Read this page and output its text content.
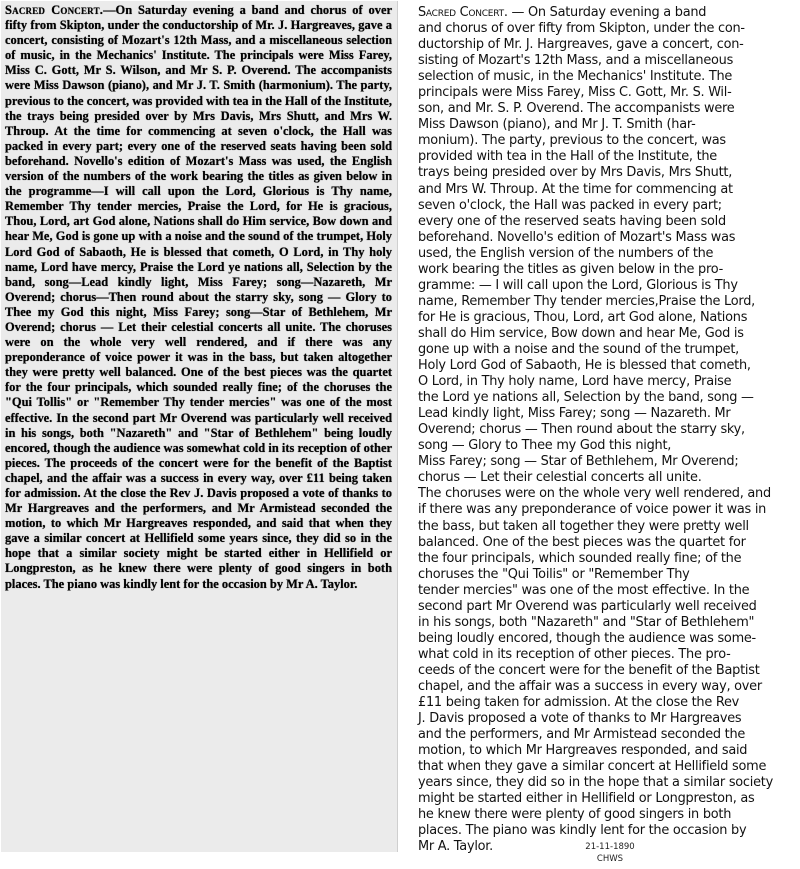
Sacred Concert.—On Saturday evening a band and chorus of over fifty from Skipton, under the conductorship of Mr. J. Hargreaves, gave a concert, consisting of Mozart's 12th Mass, and a miscellaneous selection of music, in the Mechanics' Institute. The principals were Miss Farey, Miss C. Gott, Mr S. Wilson, and Mr S. P. Overend. The accompanists were Miss Dawson (piano), and Mr J. T. Smith (harmonium). The party, previous to the concert, was provided with tea in the Hall of the Institute, the trays being presided over by Mrs Davis, Mrs Shutt, and Mrs W. Throup. At the time for commencing at seven o'clock, the Hall was packed in every part; every one of the reserved seats having been sold beforehand. Novello's edition of Mozart's Mass was used, the English version of the numbers of the work bearing the titles as given below in the programme—I will call upon the Lord, Glorious is Thy name, Remember Thy tender mercies, Praise the Lord, for He is gracious, Thou, Lord, art God alone, Nations shall do Him service, Bow down and hear Me, God is gone up with a noise and the sound of the trumpet, Holy Lord God of Sabaoth, He is blessed that cometh, O Lord, in Thy holy name, Lord have mercy, Praise the Lord ye nations all, Selection by the band, song—Lead kindly light, Miss Farey; song—Nazareth, Mr Overend; chorus—Then round about the starry sky, song — Glory to Thee my God this night, Miss Farey; song—Star of Bethlehem, Mr Overend; chorus — Let their celestial concerts all unite. The choruses were on the whole very well rendered, and if there was any preponderance of voice power it was in the bass, but taken altogether they were pretty well balanced. One of the best pieces was the quartet for the four principals, which sounded really fine; of the choruses the "Qui Tollis" or "Remember Thy tender mercies" was one of the most effective. In the second part Mr Overend was particularly well received in his songs, both "Nazareth" and "Star of Bethlehem" being loudly encored, though the audience was somewhat cold in its reception of other pieces. The proceeds of the concert were for the benefit of the Baptist chapel, and the affair was a success in every way, over £11 being taken for admission. At the close the Rev J. Davis proposed a vote of thanks to Mr Hargreaves and the performers, and Mr Armistead seconded the motion, to which Mr Hargreaves responded, and said that when they gave a similar concert at Hellifield some years since, they did so in the hope that a similar society might be started either in Hellifield or Longpreston, as he knew there were plenty of good singers in both places. The piano was kindly lent for the occasion by Mr A. Taylor.
Sacred Concert. — On Saturday evening a band
and chorus of over fifty from Skipton, under the con-
ductorship of Mr. J. Hargreaves, gave a concert, con-
sisting of Mozart's 12th Mass, and a miscellaneous
selection of music, in the Mechanics' Institute. The
principals were Miss Farey, Miss C. Gott, Mr. S. Wil-
son, and Mr. S. P. Overend. The accompanists were
Miss Dawson (piano), and Mr J. T. Smith (har-
monium). The party, previous to the concert, was
provided with tea in the Hall of the Institute, the
trays being presided over by Mrs Davis, Mrs Shutt,
and Mrs W. Throup. At the time for commencing at
seven o'clock, the Hall was packed in every part;
every one of the reserved seats having been sold
beforehand. Novello's edition of Mozart's Mass was
used, the English version of the numbers of the
work bearing the titles as given below in the pro-
gramme: — I will call upon the Lord, Glorious is Thy
name, Remember Thy tender mercies,Praise the Lord,
for He is gracious, Thou, Lord, art God alone, Nations
shall do Him service, Bow down and hear Me, God is
gone up with a noise and the sound of the trumpet,
Holy Lord God of Sabaoth, He is blessed that cometh,
O Lord, in Thy holy name, Lord have mercy, Praise
the Lord ye nations all, Selection by the band, song —
Lead kindly light, Miss Farey; song — Nazareth. Mr
Overend; chorus — Then round about the starry sky,
song — Glory to Thee my God this night,
Miss Farey; song — Star of Bethlehem, Mr Overend;
chorus — Let their celestial concerts all unite.
The choruses were on the whole very well rendered, and
if there was any preponderance of voice power it was in
the bass, but taken all together they were pretty well
balanced. One of the best pieces was the quartet for
the four principals, which sounded really fine; of the
choruses the "Qui Toilis" or "Remember Thy
tender mercies" was one of the most effective. In the
second part Mr Overend was particularly well received
in his songs, both "Nazareth" and "Star of Bethlehem"
being loudly encored, though the audience was some-
what cold in its reception of other pieces. The pro-
ceeds of the concert were for the benefit of the Baptist
chapel, and the affair was a success in every way, over
£11 being taken for admission. At the close the Rev
J. Davis proposed a vote of thanks to Mr Hargreaves
and the performers, and Mr Armistead seconded the
motion, to which Mr Hargreaves responded, and said
that when they gave a similar concert at Hellifield some
years since, they did so in the hope that a similar society
might be started either in Hellifield or Longpreston, as
he knew there were plenty of good singers in both
places. The piano was kindly lent for the occasion by
Mr A. Taylor.	21-11-1890
CHWS
